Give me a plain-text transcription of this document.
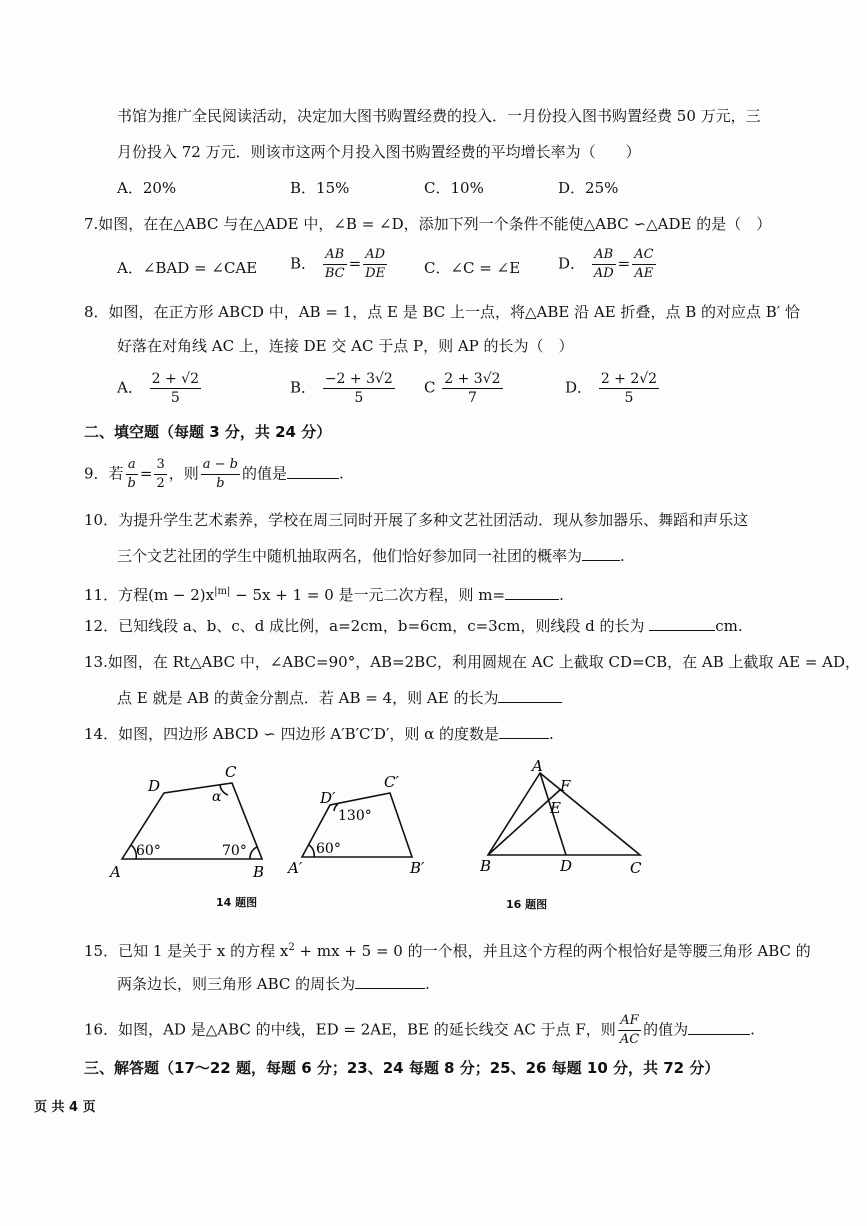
书馆为推广全民阅读活动，决定加大图书购置经费的投入．一月份投入图书购置经费 50 万元，三
月份投入 72 万元．则该市这两个月投入图书购置经费的平均增长率为（　　）
A．20%	B．15%	C．10%	D．25%
7.如图，在在△ABC 与在△ADE 中，∠B = ∠D，添加下列一个条件不能使△ABC ∽△ADE 的是（　）
A．∠BAD = ∠CAE B． $\frac{AB}{BC} = \frac{AD}{DE}$ C．∠C = ∠E	D． $\frac{AB}{AD} = \frac{AC}{AE}$
8．如图，在正方形 ABCD 中，AB = 1，点 E 是 BC 上一点，将△ABE 沿 AE 折叠，点 B 的对应点 B′ 恰
好落在对角线 AC 上，连接 DE 交 AC 于点 P，则 AP 的长为（　）
A． $\frac{2 + √2}{5}$	B． $\frac{-2 + 3√2}{5}$ C $\frac{2 + 3√2}{7}$	D． $\frac{2 + 2√2}{5}$
二、填空题（每题 3 分，共 24 分）
9．若 $\frac{a}{b} = \frac{3}{2}$ ，则 $\frac{a - b}{b}$ 的值是	.
10．为提升学生艺术素养，学校在周三同时开展了多种文艺社团活动．现从参加器乐、舞蹈和声乐这
三个文艺社团的学生中随机抽取两名，他们恰好参加同一社团的概率为	.
11．方程$(m - 2)x^{|m|} - 5x + 1 = 0$ 是一元二次方程，则 m=	.
12．已知线段 a、b、c、d 成比例，a=2cm，b=6cm，c=3cm，则线段 d 的长为	cm.
13.如图，在 Rt△ABC 中，∠ABC=90°，AB=2BC，利用圆规在 AC 上截取 CD=CB，在 AB 上截取 AE = AD，
点 E 就是 AB 的黄金分割点．若 AB = 4，则 AE 的长为
14．如图，四边形 ABCD ∽ 四边形 A′B′C′D′，则 α 的度数是	.
A	B
C
D
α
60°	70°
A′	B′
C′
D′
130°
60°
A
B	C
D
E
F
14 题图	16 题图
15．已知 1 是关于 x 的方程 $x^2$ + mx + 5 = 0 的一个根，并且这个方程的两个根恰好是等腰三角形 ABC 的
两条边长，则三角形 ABC 的周长为	.
16．如图，AD 是△ABC 的中线，ED = 2AE，BE 的延长线交 AC 于点 F，则 $\frac{AF}{AC}$ 的值为	.
三、解答题（17～22 题，每题 6 分；23、24 每题 8 分；25、26 每题 10 分，共 72 分）
页 共 4 页
